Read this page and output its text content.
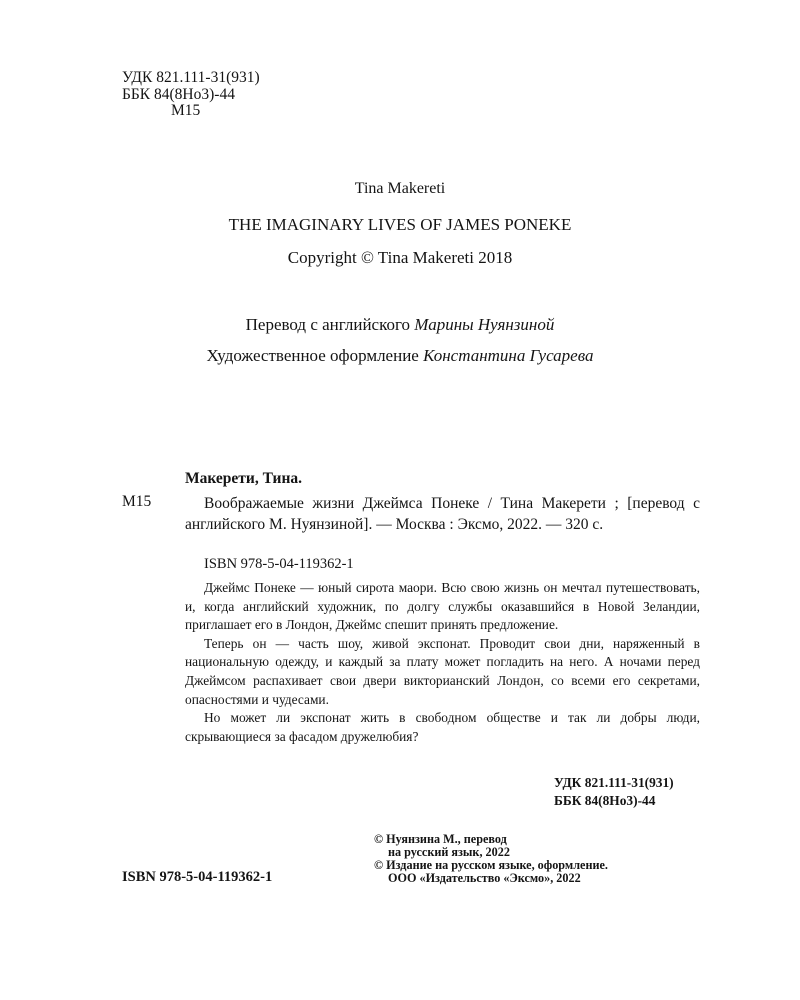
УДК 821.111-31(931)
ББК 84(8Но3)-44
М15
Tina Makereti
THE IMAGINARY LIVES OF JAMES PONEKE
Copyright © Tina Makereti 2018
Перевод с английского Марины Нуянзиной
Художественное оформление Константина Гусарева
Макерети, Тина.
М15	Воображаемые жизни Джеймса Понеке / Тина Макерети ; [перевод с английского М. Нуянзиной]. — Москва : Эксмо, 2022. — 320 с.
ISBN 978-5-04-119362-1

Джеймс Понеке — юный сирота маори. Всю свою жизнь он мечтал путешествовать, и, когда английский художник, по долгу службы оказавшийся в Новой Зеландии, приглашает его в Лондон, Джеймс спешит принять предложение.

Теперь он — часть шоу, живой экспонат. Проводит свои дни, наряженный в национальную одежду, и каждый за плату может погладить на него. А ночами перед Джеймсом распахивает свои двери викторианский Лондон, со всеми его секретами, опасностями и чудесами.

Но может ли экспонат жить в свободном обществе и так ли добры люди, скрывающиеся за фасадом дружелюбия?

УДК 821.111-31(931)
ББК 84(8Но3)-44
© Нуянзина М., перевод
на русский язык, 2022
© Издание на русском языке, оформление.
ООО «Издательство «Эксмо», 2022
ISBN 978-5-04-119362-1
